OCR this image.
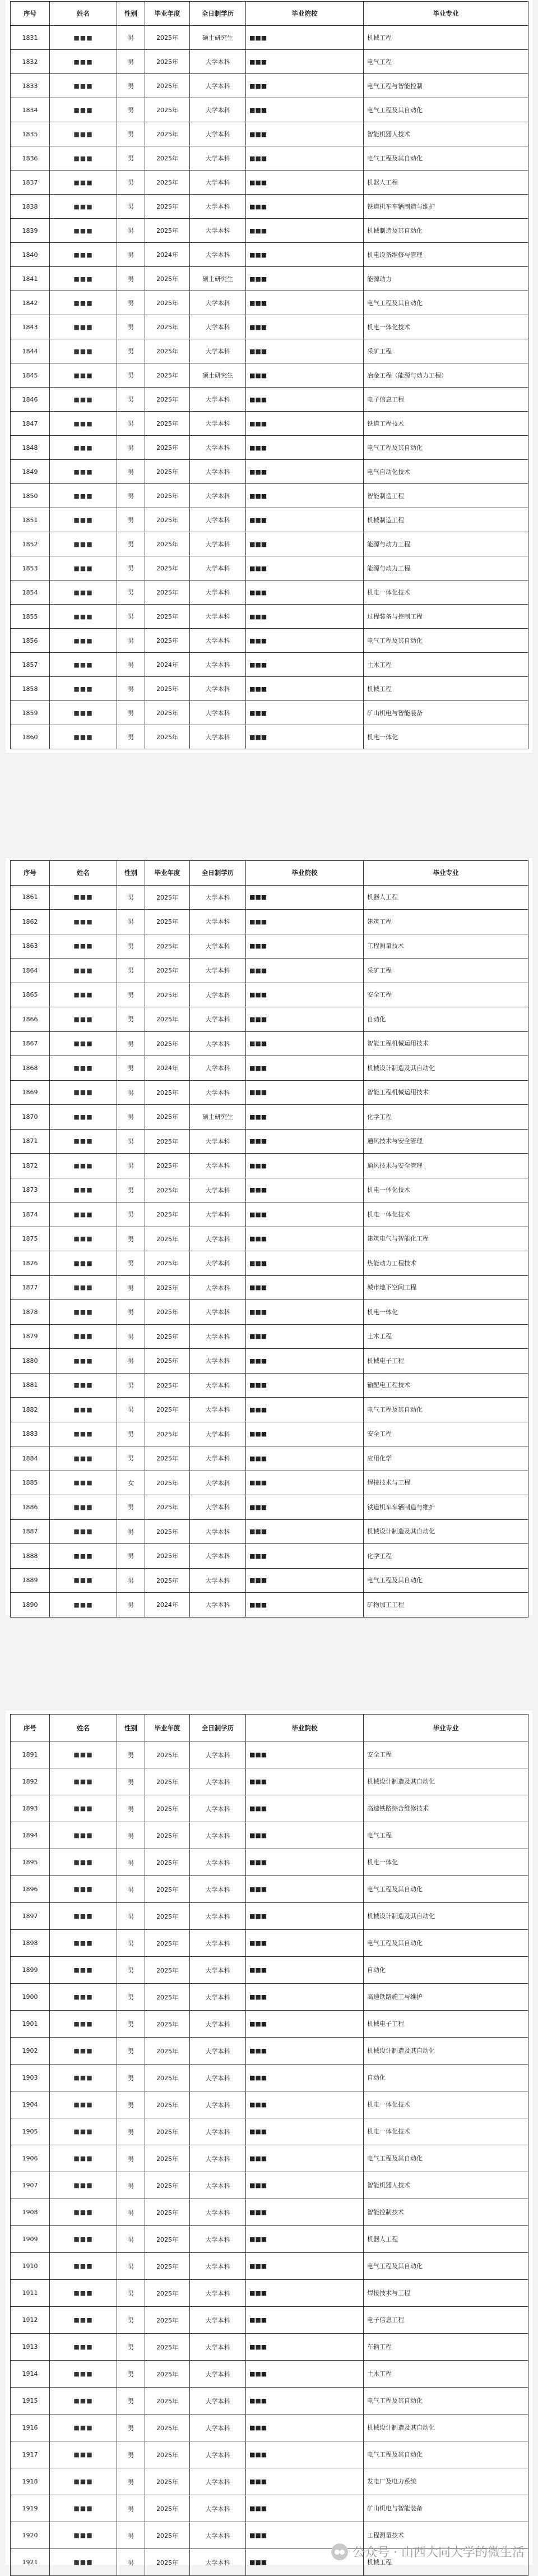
序号	姓名	性别	毕业年度	全日制学历	毕业院校	毕业专业
1831	■■■	男	2025年	硕士研究生	■■■	机械工程
1832	■■■	男	2025年	大学本科	■■■	电气工程
1833	■■■	男	2025年	大学本科	■■■	电气工程与智能控制
1834	■■■	男	2025年	大学本科	■■■	电气工程及其自动化
1835	■■■	男	2025年	大学本科	■■■	智能机器人技术
1836	■■■	男	2025年	大学本科	■■■	电气工程及其自动化
1837	■■■	男	2025年	大学本科	■■■	机器人工程
1838	■■■	男	2025年	大学本科	■■■	铁道机车车辆制造与维护
1839	■■■	男	2025年	大学本科	■■■	机械制造及其自动化
1840	■■■	男	2024年	大学本科	■■■	机电设备维修与管理
1841	■■■	男	2025年	硕士研究生	■■■	能源动力
1842	■■■	男	2025年	大学本科	■■■	电气工程及其自动化
1843	■■■	男	2025年	大学本科	■■■	机电一体化技术
1844	■■■	男	2025年	大学本科	■■■	采矿工程
1845	■■■	男	2025年	硕士研究生	■■■	冶金工程（能源与动力工程）
1846	■■■	男	2025年	大学本科	■■■	电子信息工程
1847	■■■	男	2025年	大学本科	■■■	铁道工程技术
1848	■■■	男	2025年	大学本科	■■■	电气工程及其自动化
1849	■■■	男	2025年	大学本科	■■■	电气自动化技术
1850	■■■	男	2025年	大学本科	■■■	智能制造工程
1851	■■■	男	2025年	大学本科	■■■	机械制造工程
1852	■■■	男	2025年	大学本科	■■■	能源与动力工程
1853	■■■	男	2025年	大学本科	■■■	能源与动力工程
1854	■■■	男	2025年	大学本科	■■■	机电一体化技术
1855	■■■	男	2025年	大学本科	■■■	过程装备与控制工程
1856	■■■	男	2025年	大学本科	■■■	电气工程及其自动化
1857	■■■	男	2024年	大学本科	■■■	土木工程
1858	■■■	男	2025年	大学本科	■■■	机械工程
1859	■■■	男	2025年	大学本科	■■■	矿山机电与智能装备
1860	■■■	男	2025年	大学本科	■■■	机电一体化
序号	姓名	性别	毕业年度	全日制学历	毕业院校	毕业专业
1861	■■■	男	2025年	大学本科	■■■	机器人工程
1862	■■■	男	2025年	大学本科	■■■	建筑工程
1863	■■■	男	2025年	大学本科	■■■	工程测量技术
1864	■■■	男	2025年	大学本科	■■■	采矿工程
1865	■■■	男	2025年	大学本科	■■■	安全工程
1866	■■■	男	2025年	大学本科	■■■	自动化
1867	■■■	男	2025年	大学本科	■■■	智能工程机械运用技术
1868	■■■	男	2024年	大学本科	■■■	机械设计制造及其自动化
1869	■■■	男	2025年	大学本科	■■■	智能工程机械运用技术
1870	■■■	男	2025年	硕士研究生	■■■	化学工程
1871	■■■	男	2025年	大学本科	■■■	通风技术与安全管理
1872	■■■	男	2025年	大学本科	■■■	通风技术与安全管理
1873	■■■	男	2025年	大学本科	■■■	机电一体化技术
1874	■■■	男	2025年	大学本科	■■■	机电一体化技术
1875	■■■	男	2025年	大学本科	■■■	建筑电气与智能化工程
1876	■■■	男	2025年	大学本科	■■■	热能动力工程技术
1877	■■■	男	2025年	大学本科	■■■	城市地下空间工程
1878	■■■	男	2025年	大学本科	■■■	机电一体化
1879	■■■	男	2025年	大学本科	■■■	土木工程
1880	■■■	男	2025年	大学本科	■■■	机械电子工程
1881	■■■	男	2025年	大学本科	■■■	输配电工程技术
1882	■■■	男	2025年	大学本科	■■■	电气工程及其自动化
1883	■■■	男	2025年	大学本科	■■■	安全工程
1884	■■■	男	2025年	大学本科	■■■	应用化学
1885	■■■	女	2025年	大学本科	■■■	焊接技术与工程
1886	■■■	男	2025年	大学本科	■■■	铁道机车车辆制造与维护
1887	■■■	男	2025年	大学本科	■■■	机械设计制造及其自动化
1888	■■■	男	2025年	大学本科	■■■	化学工程
1889	■■■	男	2025年	大学本科	■■■	电气工程及其自动化
1890	■■■	男	2024年	大学本科	■■■	矿物加工工程
序号	姓名	性别	毕业年度	全日制学历	毕业院校	毕业专业
1891	■■■	男	2025年	大学本科	■■■	安全工程
1892	■■■	男	2025年	大学本科	■■■	机械设计制造及其自动化
1893	■■■	男	2025年	大学本科	■■■	高速铁路综合维修技术
1894	■■■	男	2025年	大学本科	■■■	电气工程
1895	■■■	男	2025年	大学本科	■■■	机电一体化
1896	■■■	男	2025年	大学本科	■■■	电气工程及其自动化
1897	■■■	男	2025年	大学本科	■■■	机械设计制造及其自动化
1898	■■■	男	2025年	大学本科	■■■	电气工程及其自动化
1899	■■■	男	2025年	大学本科	■■■	自动化
1900	■■■	男	2025年	大学本科	■■■	高速铁路施工与维护
1901	■■■	男	2025年	大学本科	■■■	机械电子工程
1902	■■■	男	2025年	大学本科	■■■	机械设计制造及其自动化
1903	■■■	男	2025年	大学本科	■■■	自动化
1904	■■■	男	2025年	大学本科	■■■	机电一体化技术
1905	■■■	男	2025年	大学本科	■■■	机电一体化技术
1906	■■■	男	2025年	大学本科	■■■	电气工程及其自动化
1907	■■■	男	2025年	大学本科	■■■	智能机器人技术
1908	■■■	男	2025年	大学本科	■■■	智能控制技术
1909	■■■	男	2025年	大学本科	■■■	机器人工程
1910	■■■	男	2025年	大学本科	■■■	电气工程及其自动化
1911	■■■	男	2025年	大学本科	■■■	焊接技术与工程
1912	■■■	男	2025年	大学本科	■■■	电子信息工程
1913	■■■	男	2025年	大学本科	■■■	车辆工程
1914	■■■	男	2025年	大学本科	■■■	土木工程
1915	■■■	男	2025年	大学本科	■■■	电气工程及其自动化
1916	■■■	男	2025年	大学本科	■■■	机械设计制造及其自动化
1917	■■■	男	2025年	大学本科	■■■	电气工程及其自动化
1918	■■■	男	2025年	大学本科	■■■	发电厂及电力系统
1919	■■■	男	2025年	大学本科	■■■	矿山机电与智能装备
1920	■■■	男	2025年	大学本科	■■■	工程测量技术
1921	■■■	男	2025年	大学本科	■■■	机械工程
公众号 · 山西大同大学的微生活
